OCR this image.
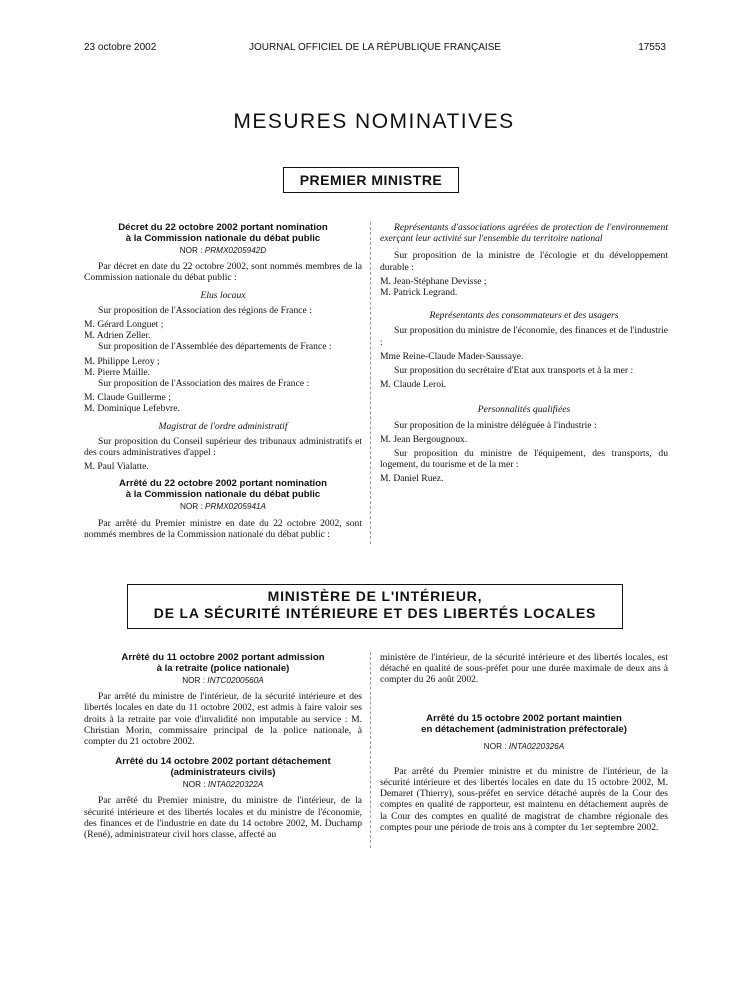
23 octobre 2002	JOURNAL OFFICIEL DE LA RÉPUBLIQUE FRANÇAISE	17553
MESURES NOMINATIVES
PREMIER MINISTRE

Décret du 22 octobre 2002 portant nomination

à la Commission nationale du débat public

NOR : PRMX0205942D

Par décret en date du 22 octobre 2002, sont nommés membres de la Commission nationale du débat public :

Elus locaux

Sur proposition de l'Association des régions de France :

M. Gérard Longuet ;

M. Adrien Zeller.

Sur proposition de l'Assemblée des départements de France :

M. Philippe Leroy ;

M. Pierre Maille.

Sur proposition de l'Association des maires de France :

M. Claude Guillerme ;

M. Dominique Lefebvre.

Magistrat de l'ordre administratif

Sur proposition du Conseil supérieur des tribunaux administratifs et des cours administratives d'appel :

M. Paul Vialatte.

Arrêté du 22 octobre 2002 portant nomination

à la Commission nationale du débat public

NOR : PRMX0205941A

Par arrêté du Premier ministre en date du 22 octobre 2002, sont nommés membres de la Commission nationale du débat public :

Représentants d'associations agréées de protection de l'environnement exerçant leur activité sur l'ensemble du territoire national

Sur proposition de la ministre de l'écologie et du développement durable :

M. Jean-Stéphane Devisse ;

M. Patrick Legrand.

Représentants des consommateurs et des usagers

Sur proposition du ministre de l'économie, des finances et de l'industrie :

Mme Reine-Claude Mader-Saussaye.

Sur proposition du secrétaire d'Etat aux transports et à la mer :

M. Claude Leroi.

Personnalités qualifiées

Sur proposition de la ministre déléguée à l'industrie :

M. Jean Bergougnoux.

Sur proposition du ministre de l'équipement, des transports, du logement, du tourisme et de la mer :

M. Daniel Ruez.

MINISTÈRE DE L'INTÉRIEUR,
DE LA SÉCURITÉ INTÉRIEURE ET DES LIBERTÉS LOCALES

Arrêté du 11 octobre 2002 portant admission

à la retraite (police nationale)

NOR : INTC0200560A

Par arrêté du ministre de l'intérieur, de la sécurité intérieure et des libertés locales en date du 11 octobre 2002, est admis à faire valoir ses droits à la retraite par voie d'invalidité non imputable au service : M. Christian Morin, commissaire principal de la police nationale, à compter du 21 octobre 2002.

Arrêté du 14 octobre 2002 portant détachement

(administrateurs civils)

NOR : INTA0220322A

Par arrêté du Premier ministre, du ministre de l'intérieur, de la sécurité intérieure et des libertés locales et du ministre de l'économie, des finances et de l'industrie en date du 14 octobre 2002, M. Duchamp (René), administrateur civil hors classe, affecté au

ministère de l'intérieur, de la sécurité intérieure et des libertés locales, est détaché en qualité de sous-préfet pour une durée maximale de deux ans à compter du 26 août 2002.

Arrêté du 15 octobre 2002 portant maintien

en détachement (administration préfectorale)

NOR : INTA0220326A

Par arrêté du Premier ministre et du ministre de l'intérieur, de la sécurité intérieure et des libertés locales en date du 15 octobre 2002, M. Demaret (Thierry), sous-préfet en service détaché auprès de la Cour des comptes en qualité de rapporteur, est maintenu en détachement auprès de la Cour des comptes en qualité de magistrat de chambre régionale des comptes pour une période de trois ans à compter du 1er septembre 2002.
